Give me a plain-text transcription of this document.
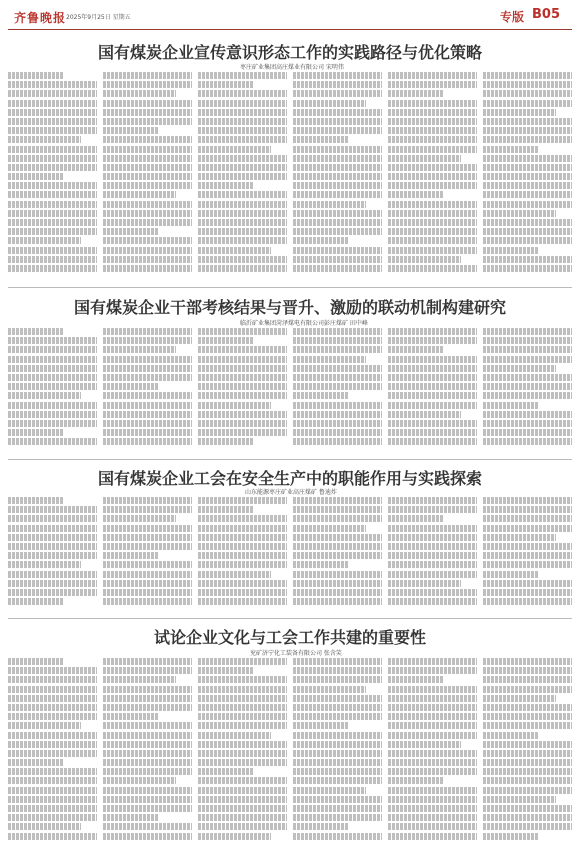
齐鲁晚报 2025年9月25日 星期五	专版 B05
国有煤炭企业宣传意识形态工作的实践路径与优化策略
枣庄矿业集团高庄煤业有限公司 宋明伟
国有煤炭企业干部考核结果与晋升、激励的联动机制构建研究
临沂矿业集团菏泽煤电有限公司彭庄煤矿 田中峰
国有煤炭企业工会在安全生产中的职能作用与实践探索
山东能源枣庄矿业高庄煤矿 鲁迪炸
试论企业文化与工会工作共建的重要性
兖矿济宁化工装备有限公司 张含笑
